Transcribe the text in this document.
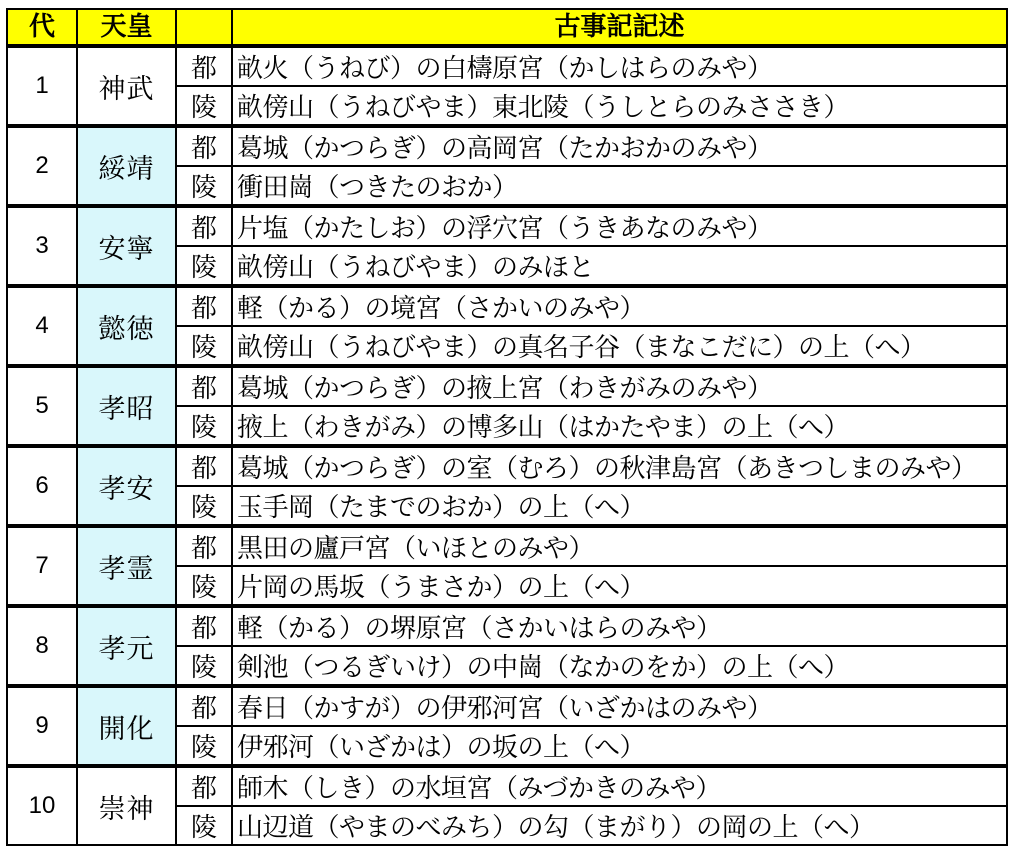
代	天皇		古事記記述
1	神武	都	畝火（うねび）の白檮原宮（かしはらのみや）
		陵	畝傍山（うねびやま）東北陵（うしとらのみささき）
2	綏靖	都	葛城（かつらぎ）の高岡宮（たかおかのみや）
		陵	衝田崗（つきたのおか）
3	安寧	都	片塩（かたしお）の浮穴宮（うきあなのみや）
		陵	畝傍山（うねびやま）のみほと
4	懿徳	都	軽（かる）の境宮（さかいのみや）
		陵	畝傍山（うねびやま）の真名子谷（まなこだに）の上（へ）
5	孝昭	都	葛城（かつらぎ）の掖上宮（わきがみのみや）
		陵	掖上（わきがみ）の博多山（はかたやま）の上（へ）
6	孝安	都	葛城（かつらぎ）の室（むろ）の秋津島宮（あきつしまのみや）
		陵	玉手岡（たまでのおか）の上（へ）
7	孝霊	都	黒田の廬戸宮（いほとのみや）
		陵	片岡の馬坂（うまさか）の上（へ）
8	孝元	都	軽（かる）の堺原宮（さかいはらのみや）
		陵	剣池（つるぎいけ）の中崗（なかのをか）の上（へ）
9	開化	都	春日（かすが）の伊邪河宮（いざかはのみや）
		陵	伊邪河（いざかは）の坂の上（へ）
10	崇神	都	師木（しき）の水垣宮（みづかきのみや）
		陵	山辺道（やまのべみち）の勾（まがり）の岡の上（へ）
